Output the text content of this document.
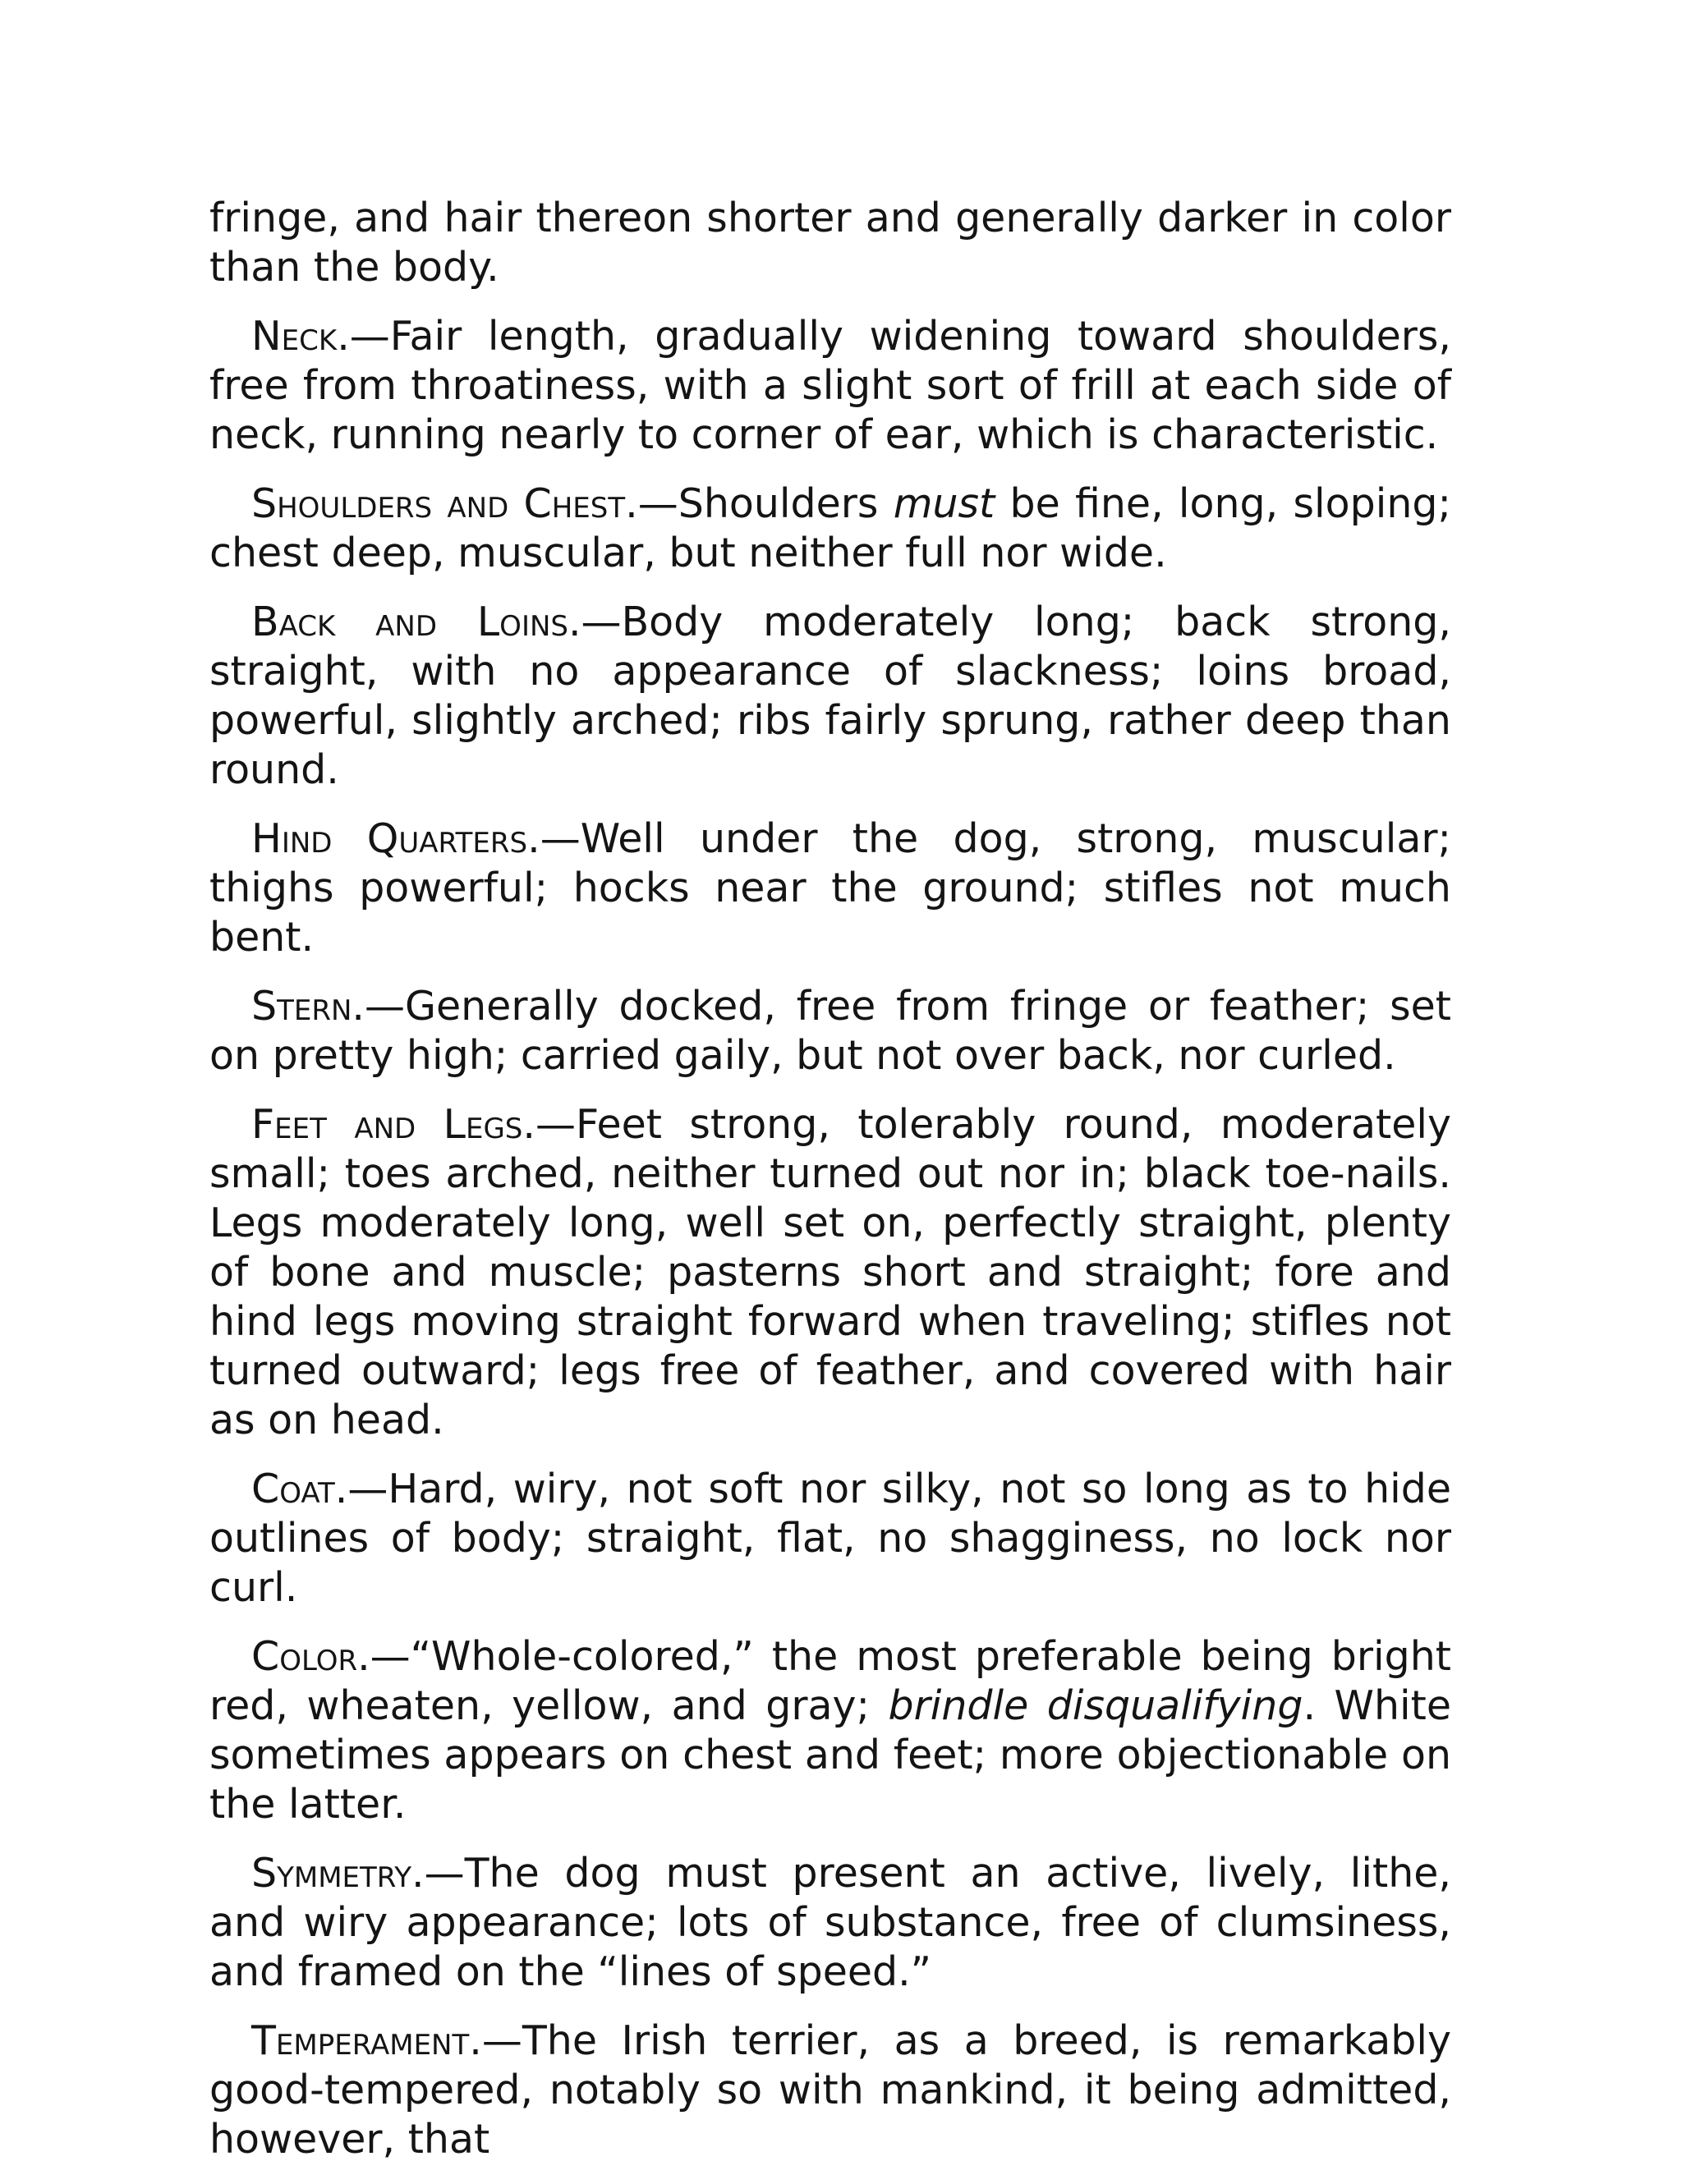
fringe, and hair thereon shorter and generally darker in color than the body.

Neck.—Fair length, gradually widening toward shoulders, free from throatiness, with a slight sort of frill at each side of neck, running nearly to corner of ear, which is characteristic.

Shoulders and Chest.—Shoulders must be fine, long, sloping; chest deep, muscular, but neither full nor wide.

Back and Loins.—Body moderately long; back strong, straight, with no appearance of slackness; loins broad, powerful, slightly arched; ribs fairly sprung, rather deep than round.

Hind Quarters.—Well under the dog, strong, muscular; thighs powerful; hocks near the ground; stifles not much bent.

Stern.—Generally docked, free from fringe or feather; set on pretty high; carried gaily, but not over back, nor curled.

Feet and Legs.—Feet strong, tolerably round, moderately small; toes arched, neither turned out nor in; black toe-nails. Legs moderately long, well set on, perfectly straight, plenty of bone and muscle; pasterns short and straight; fore and hind legs moving straight forward when traveling; stifles not turned outward; legs free of feather, and covered with hair as on head.

Coat.—Hard, wiry, not soft nor silky, not so long as to hide outlines of body; straight, flat, no shagginess, no lock nor curl.

Color.—“Whole-colored,” the most preferable being bright red, wheaten, yellow, and gray; brindle disqualifying. White sometimes appears on chest and feet; more objectionable on the latter.

Symmetry.—The dog must present an active, lively, lithe, and wiry appearance; lots of substance, free of clumsiness, and framed on the “lines of speed.”

Temperament.—The Irish terrier, as a breed, is remarkably good-tempered, notably so with mankind, it being admitted, however, that
